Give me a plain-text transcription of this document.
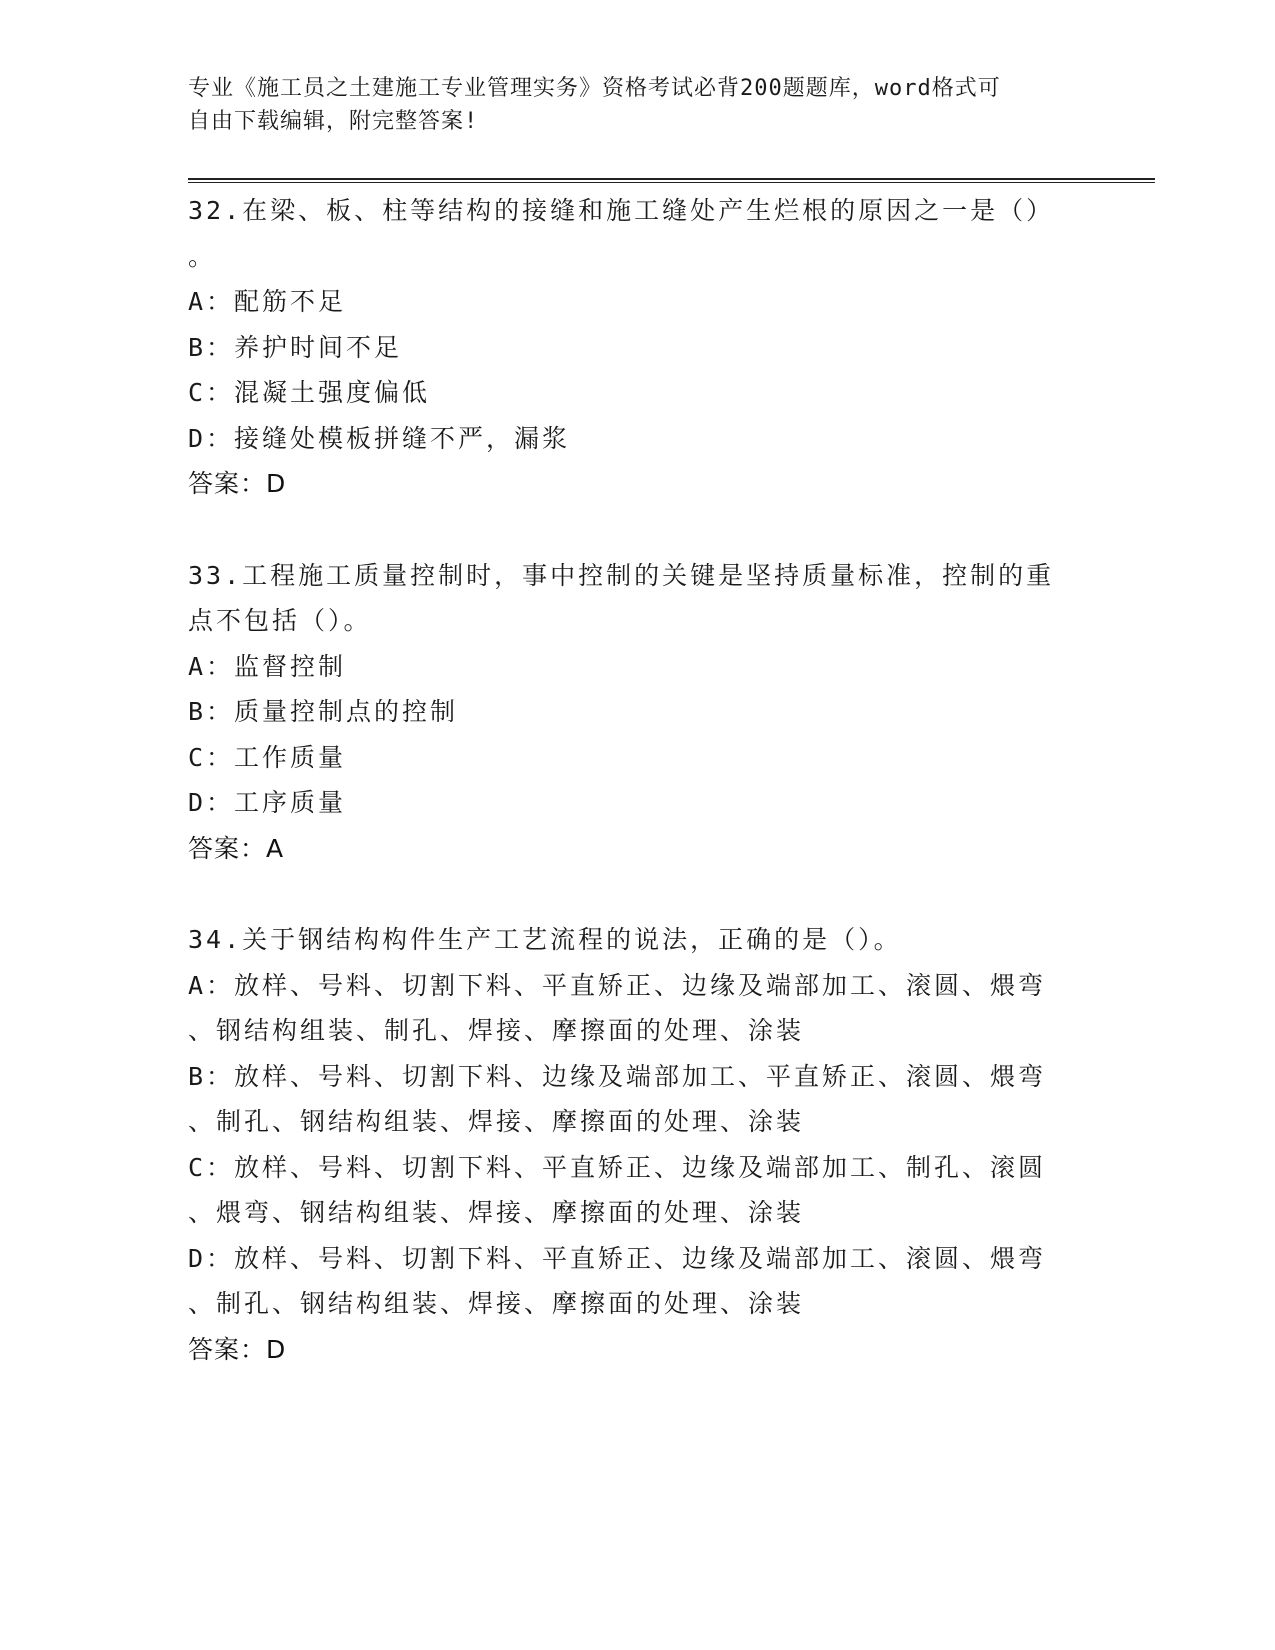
专业《施工员之土建施工专业管理实务》资格考试必背200题题库，word格式可
自由下载编辑，附完整答案!
32.在梁、板、柱等结构的接缝和施工缝处产生烂根的原因之一是（）
。
A：配筋不足
B：养护时间不足
C：混凝土强度偏低
D：接缝处模板拼缝不严，漏浆
答案：D
33.工程施工质量控制时，事中控制的关键是坚持质量标准，控制的重
点不包括（）。
A：监督控制
B：质量控制点的控制
C：工作质量
D：工序质量
答案：A
34.关于钢结构构件生产工艺流程的说法，正确的是（）。
A：放样、号料、切割下料、平直矫正、边缘及端部加工、滚圆、煨弯
、钢结构组装、制孔、焊接、摩擦面的处理、涂装
B：放样、号料、切割下料、边缘及端部加工、平直矫正、滚圆、煨弯
、制孔、钢结构组装、焊接、摩擦面的处理、涂装
C：放样、号料、切割下料、平直矫正、边缘及端部加工、制孔、滚圆
、煨弯、钢结构组装、焊接、摩擦面的处理、涂装
D：放样、号料、切割下料、平直矫正、边缘及端部加工、滚圆、煨弯
、制孔、钢结构组装、焊接、摩擦面的处理、涂装
答案：D
